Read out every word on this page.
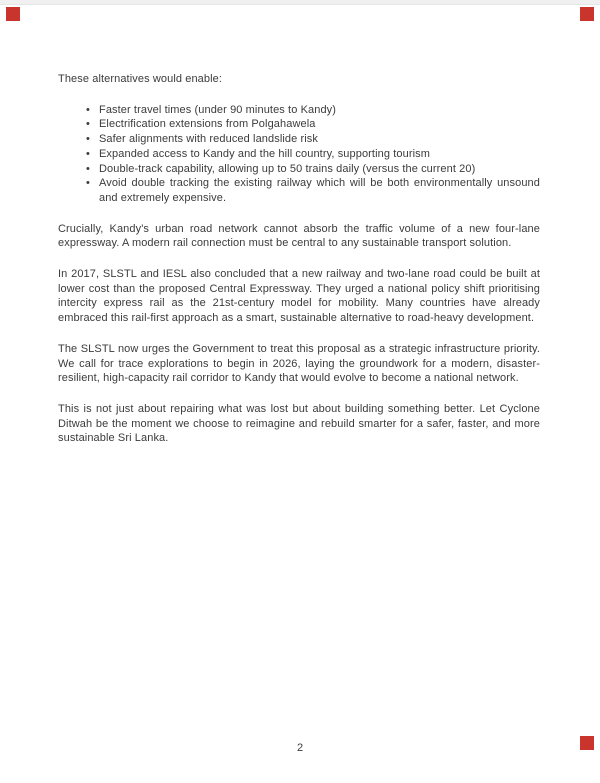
These alternatives would enable:
• Faster travel times (under 90 minutes to Kandy)
• Electrification extensions from Polgahawela
• Safer alignments with reduced landslide risk
• Expanded access to Kandy and the hill country, supporting tourism
• Double-track capability, allowing up to 50 trains daily (versus the current 20)
• Avoid double tracking the existing railway which will be both environmentally unsound and extremely expensive.

Crucially, Kandy's urban road network cannot absorb the traffic volume of a new four-lane expressway. A modern rail connection must be central to any sustainable transport solution.

In 2017, SLSTL and IESL also concluded that a new railway and two-lane road could be built at lower cost than the proposed Central Expressway. They urged a national policy shift prioritising intercity express rail as the 21st-century model for mobility. Many countries have already embraced this rail-first approach as a smart, sustainable alternative to road-heavy development.

The SLSTL now urges the Government to treat this proposal as a strategic infrastructure priority. We call for trace explorations to begin in 2026, laying the groundwork for a modern, disaster-resilient, high-capacity rail corridor to Kandy that would evolve to become a national network.

This is not just about repairing what was lost but about building something better. Let Cyclone Ditwah be the moment we choose to reimagine and rebuild smarter for a safer, faster, and more sustainable Sri Lanka.

2
